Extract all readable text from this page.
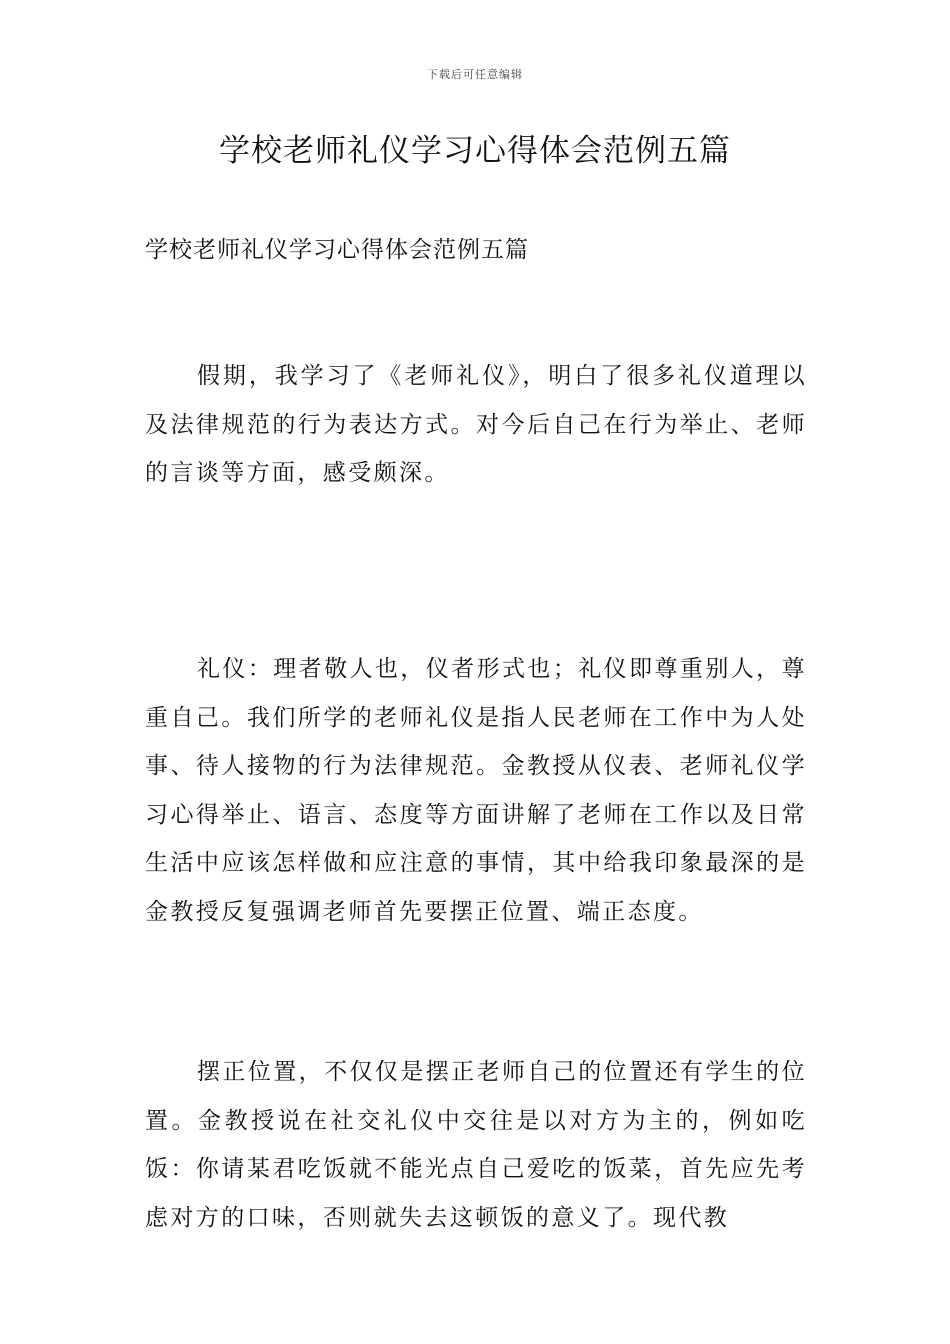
下载后可任意编辑
学校老师礼仪学习心得体会范例五篇
学校老师礼仪学习心得体会范例五篇

假期，我学习了《老师礼仪》，明白了很多礼仪道理以及法律规范的行为表达方式。对今后自己在行为举止、老师的言谈等方面，感受颇深。

礼仪：理者敬人也，仪者形式也；礼仪即尊重别人，尊重自己。我们所学的老师礼仪是指人民老师在工作中为人处事、待人接物的行为法律规范。金教授从仪表、老师礼仪学习心得举止、语言、态度等方面讲解了老师在工作以及日常生活中应该怎样做和应注意的事情，其中给我印象最深的是金教授反复强调老师首先要摆正位置、端正态度。

摆正位置，不仅仅是摆正老师自己的位置还有学生的位置。金教授说在社交礼仪中交往是以对方为主的，例如吃饭：你请某君吃饭就不能光点自己爱吃的饭菜，首先应先考虑对方的口味，否则就失去这顿饭的意义了。现代教
